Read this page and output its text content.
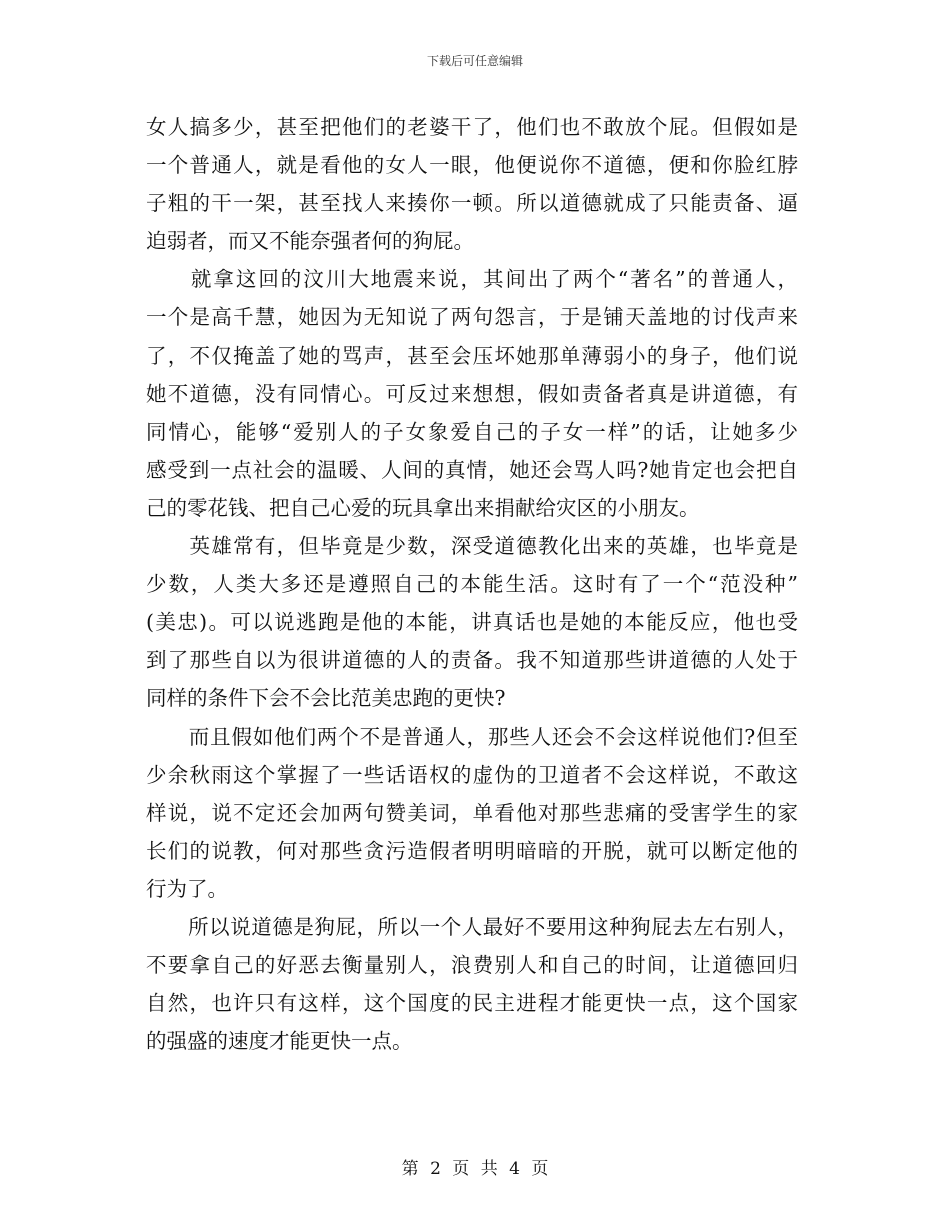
下载后可任意编辑
女人搞多少，甚至把他们的老婆干了，他们也不敢放个屁。但假如是
一个普通人，就是看他的女人一眼，他便说你不道德，便和你脸红脖
子粗的干一架，甚至找人来揍你一顿。所以道德就成了只能责备、逼
迫弱者，而又不能奈强者何的狗屁。
　　就拿这回的汶川大地震来说，其间出了两个“著名”的普通人，
一个是高千慧，她因为无知说了两句怨言，于是铺天盖地的讨伐声来
了，不仅掩盖了她的骂声，甚至会压坏她那单薄弱小的身子，他们说
她不道德，没有同情心。可反过来想想，假如责备者真是讲道德，有
同情心，能够“爱别人的子女象爱自己的子女一样”的话，让她多少
感受到一点社会的温暖、人间的真情，她还会骂人吗?她肯定也会把自
己的零花钱、把自己心爱的玩具拿出来捐献给灾区的小朋友。
　　英雄常有，但毕竟是少数，深受道德教化出来的英雄，也毕竟是
少数，人类大多还是遵照自己的本能生活。这时有了一个“范没种”
(美忠)。可以说逃跑是他的本能，讲真话也是她的本能反应，他也受
到了那些自以为很讲道德的人的责备。我不知道那些讲道德的人处于
同样的条件下会不会比范美忠跑的更快?
　　而且假如他们两个不是普通人，那些人还会不会这样说他们?但至
少余秋雨这个掌握了一些话语权的虚伪的卫道者不会这样说，不敢这
样说，说不定还会加两句赞美词，单看他对那些悲痛的受害学生的家
长们的说教，何对那些贪污造假者明明暗暗的开脱，就可以断定他的
行为了。
　　所以说道德是狗屁，所以一个人最好不要用这种狗屁去左右别人，
不要拿自己的好恶去衡量别人，浪费别人和自己的时间，让道德回归
自然，也许只有这样，这个国度的民主进程才能更快一点，这个国家
的强盛的速度才能更快一点。
第 2 页 共 4 页
